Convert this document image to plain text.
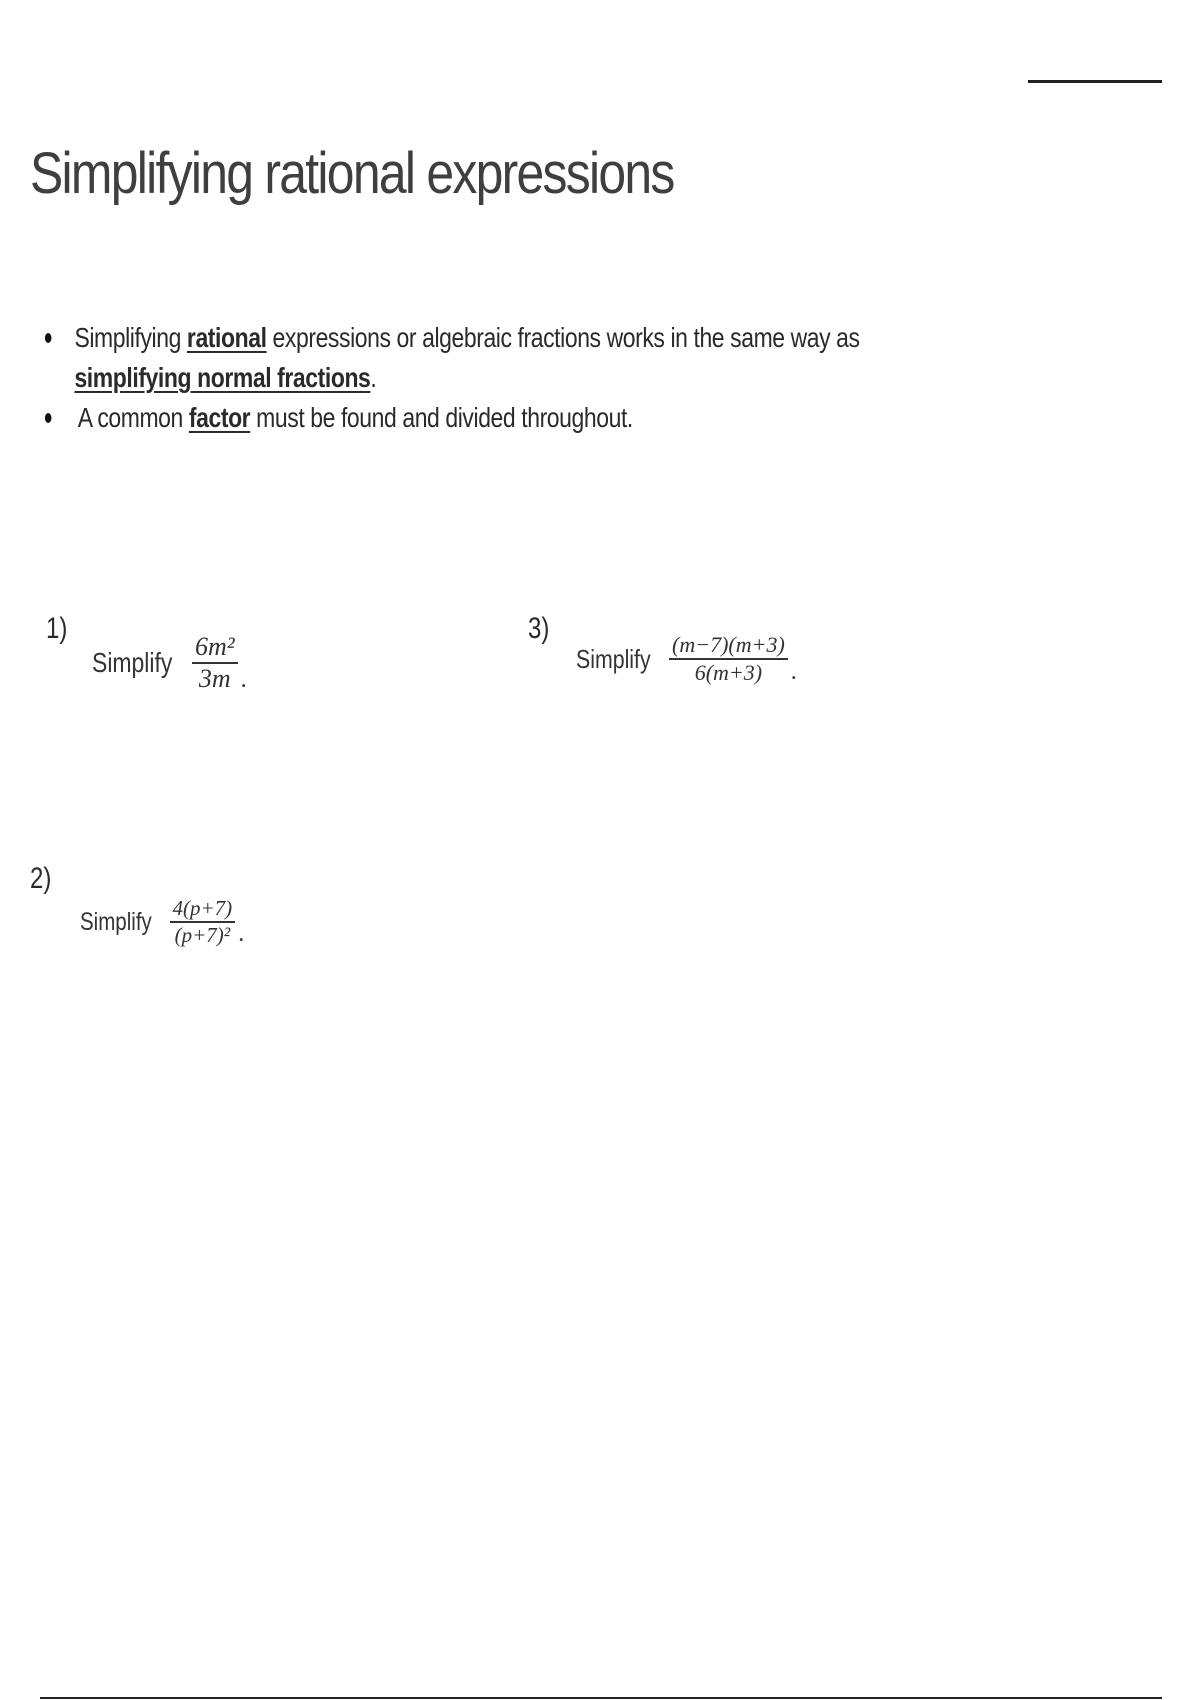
Simplifying rational expressions
Simplifying rational expressions or algebraic fractions works in the same way as
simplifying normal fractions.
A common factor must be found and divided throughout.
1)
Simplify $\frac{\text{6m²}}{3m}$ .
3)
Simplify $\frac{(m-7)(m+3)}{6(m+3)}$ .
2)
Simplify $\frac{4(p+7)}{\text{(p+7)²}}$ .
